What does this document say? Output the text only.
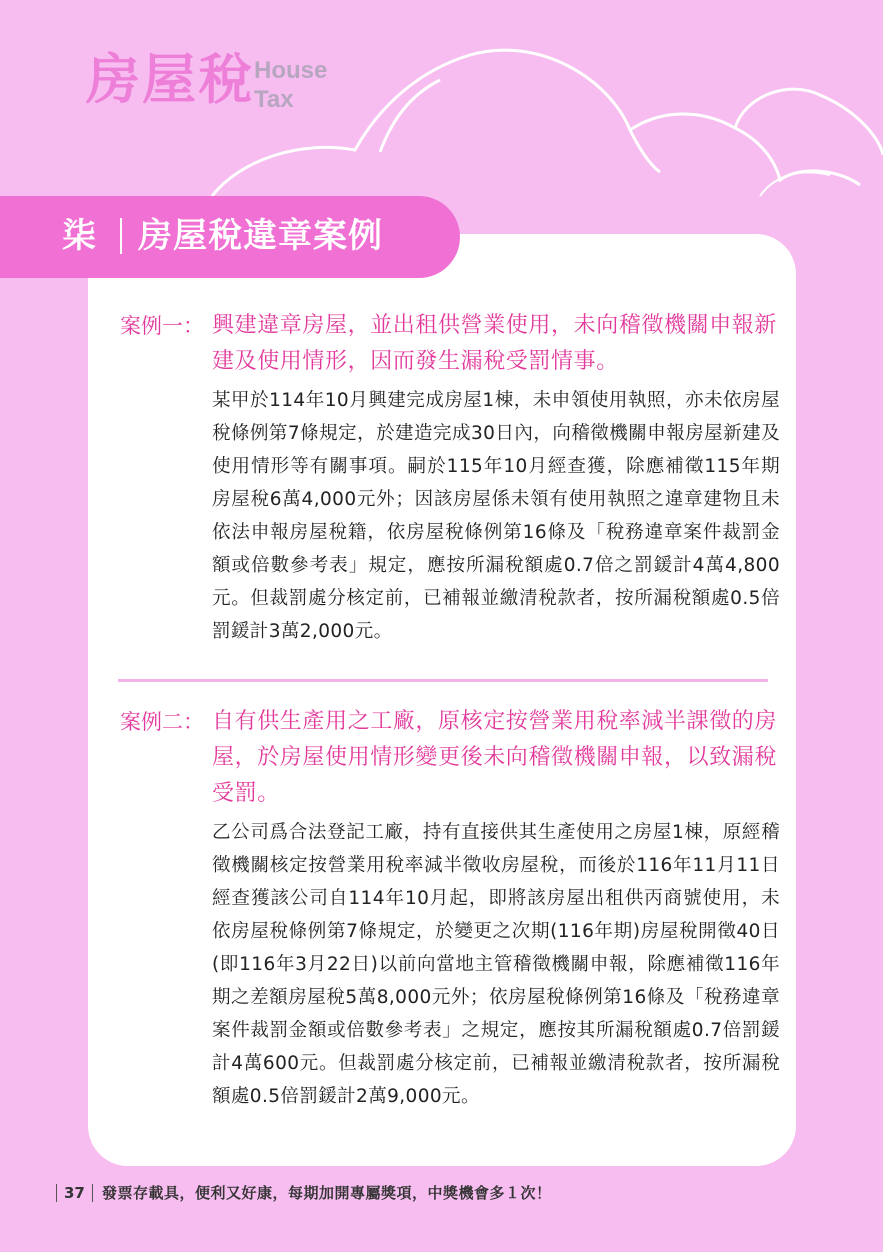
房屋稅 House
Tax
柒 房屋稅違章案例
案例一： 興建違章房屋，並出租供營業使用，未向稽徵機關申報新建及使用情形，因而發生漏稅受罰情事。
某甲於114年10月興建完成房屋1棟，未申領使用執照，亦未依房屋稅條例第7條規定，於建造完成30日內，向稽徵機關申報房屋新建及使用情形等有關事項。嗣於115年10月經查獲，除應補徵115年期房屋稅6萬4,000元外；因該房屋係未領有使用執照之違章建物且未依法申報房屋稅籍，依房屋稅條例第16條及「稅務違章案件裁罰金額或倍數參考表」規定，應按所漏稅額處0.7倍之罰鍰計4萬4,800元。但裁罰處分核定前，已補報並繳清稅款者，按所漏稅額處0.5倍罰鍰計3萬2,000元。
案例二： 自有供生產用之工廠，原核定按營業用稅率減半課徵的房屋，於房屋使用情形變更後未向稽徵機關申報，以致漏稅受罰。
乙公司爲合法登記工廠，持有直接供其生產使用之房屋1棟，原經稽徵機關核定按營業用稅率減半徵收房屋稅，而後於116年11月11日經查獲該公司自114年10月起，即將該房屋出租供丙商號使用，未依房屋稅條例第7條規定，於變更之次期(116年期)房屋稅開徵40日(即116年3月22日)以前向當地主管稽徵機關申報，除應補徵116年期之差額房屋稅5萬8,000元外；依房屋稅條例第16條及「稅務違章案件裁罰金額或倍數參考表」之規定，應按其所漏稅額處0.7倍罰鍰計4萬600元。但裁罰處分核定前，已補報並繳清稅款者，按所漏稅額處0.5倍罰鍰計2萬9,000元。
37 發票存載具，便利又好康，每期加開專屬獎項，中獎機會多１次！
